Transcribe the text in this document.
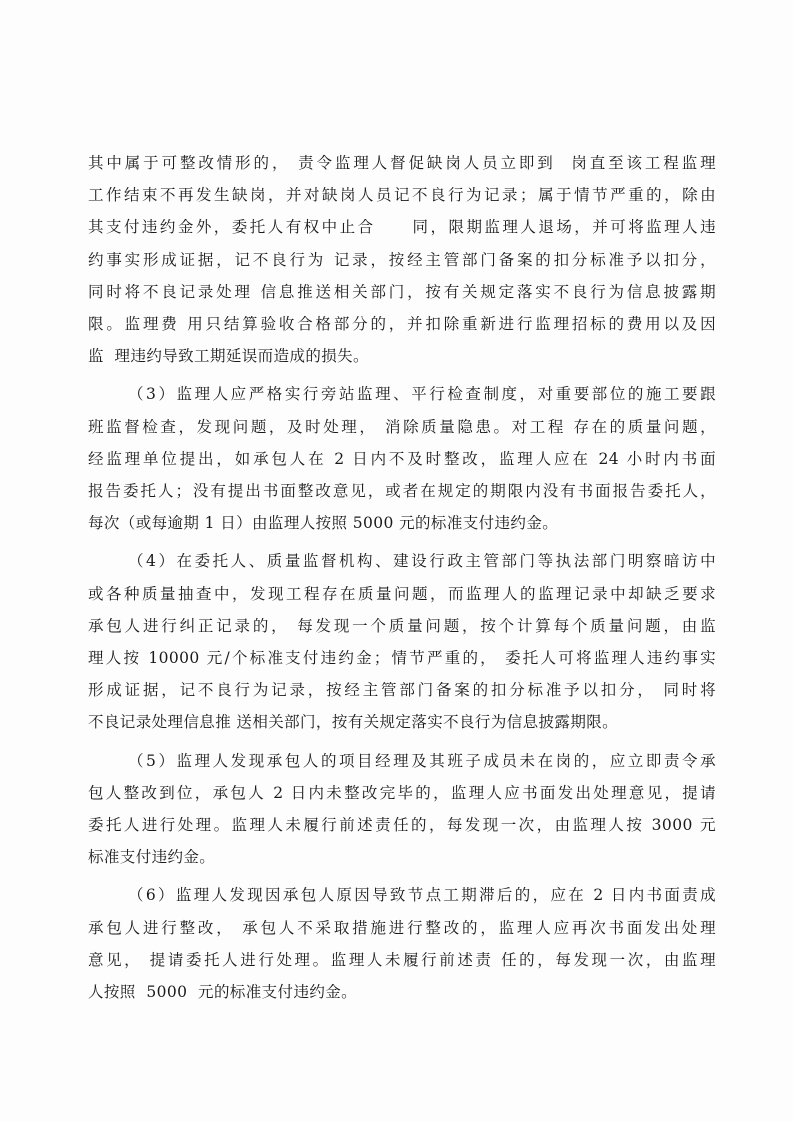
其中属于可整改情形的， 责令监理人督促缺岗人员立即到  岗直至该工程监理
工作结束不再发生缺岗，并对缺岗人员记不良行为记录；属于情节严重的，除由
其支付违约金外，委托人有权中止合     同，限期监理人退场，并可将监理人违
约事实形成证据，记不良行为 记录，按经主管部门备案的扣分标准予以扣分，
同时将不良记录处理 信息推送相关部门，按有关规定落实不良行为信息披露期
限。监理费 用只结算验收合格部分的，并扣除重新进行监理招标的费用以及因
监  理违约导致工期延误而造成的损失。
（3）监理人应严格实行旁站监理、平行检查制度，对重要部位的施工要跟
班监督检查，发现问题，及时处理， 消除质量隐患。对工程 存在的质量问题，
经监理单位提出，如承包人在 2 日内不及时整改，监理人应在 24 小时内书面
报告委托人；没有提出书面整改意见，或者在规定的期限内没有书面报告委托人，
每次（或每逾期 1 日）由监理人按照 5000 元的标准支付违约金。
（4）在委托人、质量监督机构、建设行政主管部门等执法部门明察暗访中
或各种质量抽查中，发现工程存在质量问题，而监理人的监理记录中却缺乏要求
承包人进行纠正记录的， 每发现一个质量问题，按个计算每个质量问题，由监
理人按 10000 元/个标准支付违约金；情节严重的， 委托人可将监理人违约事实
形成证据，记不良行为记录，按经主管部门备案的扣分标准予以扣分， 同时将
不良记录处理信息推 送相关部门，按有关规定落实不良行为信息披露期限。
（5）监理人发现承包人的项目经理及其班子成员未在岗的，应立即责令承
包人整改到位，承包人 2 日内未整改完毕的，监理人应书面发出处理意见，提请
委托人进行处理。监理人未履行前述责任的，每发现一次，由监理人按 3000 元
标准支付违约金。
（6）监理人发现因承包人原因导致节点工期滞后的，应在 2 日内书面责成
承包人进行整改， 承包人不采取措施进行整改的，监理人应再次书面发出处理
意见， 提请委托人进行处理。监理人未履行前述责 任的，每发现一次，由监理
人按照  5000  元的标准支付违约金。
